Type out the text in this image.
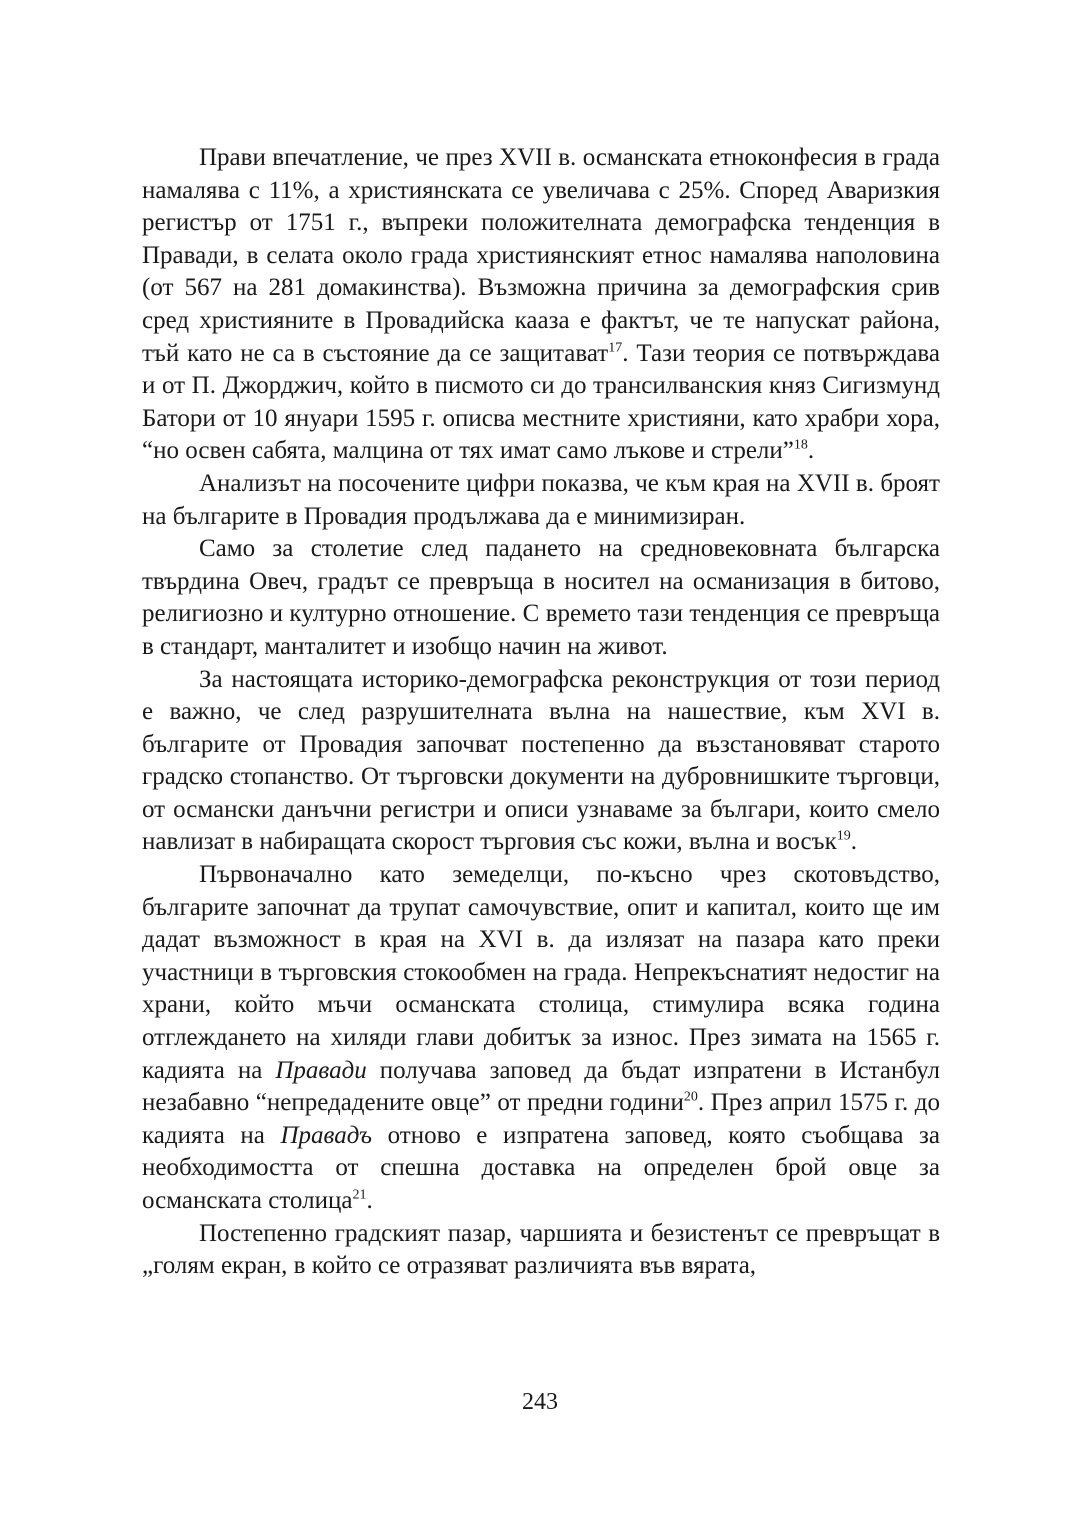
Прави впечатление, че през XVII в. османската етноконфесия в града намалява с 11%, а християнската се увеличава с 25%. Според Аваризкия регистър от 1751 г., въпреки положителната демографска тенденция в Правади, в селата около града християнският етнос намалява наполовина (от 567 на 281 домакинства). Възможна причина за демографския срив сред християните в Провадийска кааза е фактът, че те напускат района, тъй като не са в състояние да се защитават$^{17}$. Тази теория се потвърждава и от П. Джорджич, който в писмото си до трансилванския княз Сигизмунд Батори от 10 януари 1595 г. описва местните християни, като храбри хора, “но освен сабята, малцина от тях имат само лъкове и стрели”$^{18}$.

Анализът на посочените цифри показва, че към края на XVII в. броят на българите в Провадия продължава да е минимизиран.

Само за столетие след падането на средновековната българска твърдина Овеч, градът се превръща в носител на османизация в битово, религиозно и културно отношение. С времето тази тенденция се превръща в стандарт, манталитет и изобщо начин на живот.

За настоящата историко-демографска реконструкция от този период е важно, че след разрушителната вълна на нашествие, към XVI в. българите от Провадия започват постепенно да възстановяват старото градско стопанство. От търговски документи на дубровнишките търговци, от османски данъчни регистри и описи узнаваме за българи, които смело навлизат в набиращата скорост търговия със кожи, вълна и восък$^{19}$.

Първоначално като земеделци, по-късно чрез скотовъдство, българите започнат да трупат самочувствие, опит и капитал, които ще им дадат възможност в края на XVI в. да излязат на пазара като преки участници в търговския стокообмен на града. Непрекъснатият недостиг на храни, който мъчи османската столица, стимулира всяка година отглеждането на хиляди глави добитък за износ. През зимата на 1565 г. кадията на Правади получава заповед да бъдат изпратени в Истанбул незабавно “непредадените овце” от предни години$^{20}$. През април 1575 г. до кадията на Правадъ отново е изпратена заповед, която съобщава за необходимостта от спешна доставка на определен брой овце за османската столица$^{21}$.

Постепенно градският пазар, чаршията и безистенът се превръщат в „голям екран, в който се отразяват различията във вярата,

243
